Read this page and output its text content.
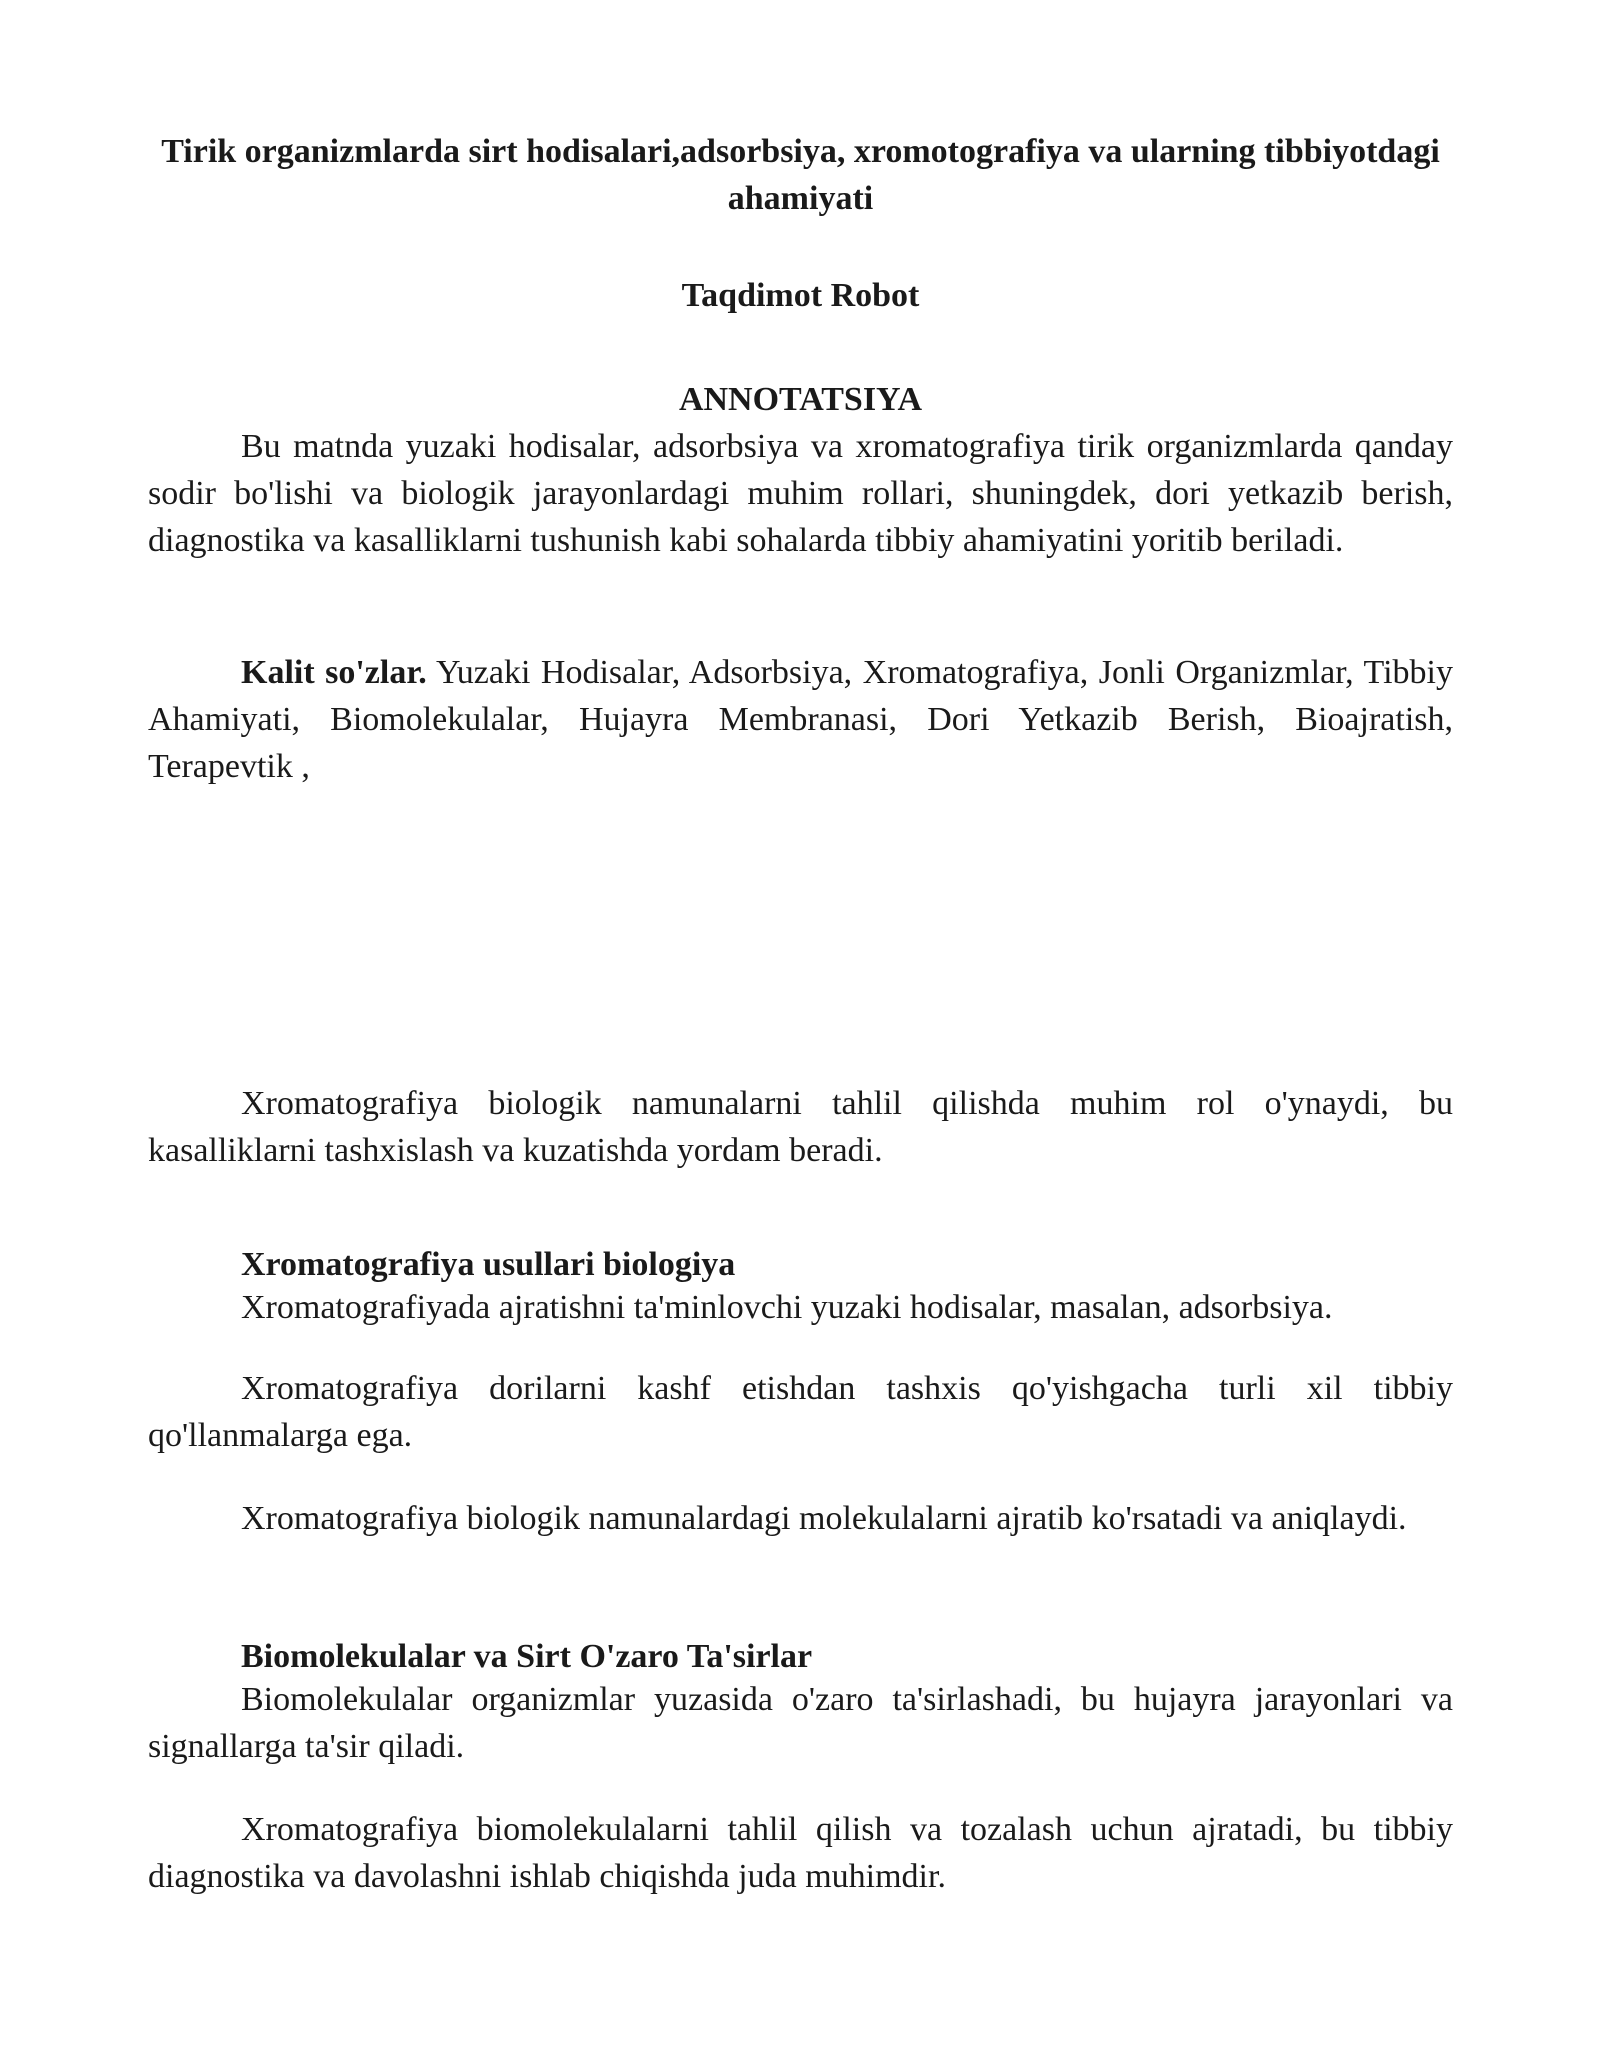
Tirik organizmlarda sirt hodisalari,adsorbsiya, xromotografiya va ularning tibbiyotdagi ahamiyati
Taqdimot Robot
ANNOTATSIYA

Bu matnda yuzaki hodisalar, adsorbsiya va xromatografiya tirik organizmlarda qanday sodir bo'lishi va biologik jarayonlardagi muhim rollari, shuningdek, dori yetkazib berish, diagnostika va kasalliklarni tushunish kabi sohalarda tibbiy ahamiyatini yoritib beriladi.

Kalit so'zlar. Yuzaki Hodisalar, Adsorbsiya, Xromatografiya, Jonli Organizmlar, Tibbiy Ahamiyati, Biomolekulalar, Hujayra Membranasi, Dori Yetkazib Berish, Bioajratish, Terapevtik ,

Xromatografiya biologik namunalarni tahlil qilishda muhim rol o'ynaydi, bu kasalliklarni tashxislash va kuzatishda yordam beradi.

Xromatografiya usullari biologiya

Xromatografiyada ajratishni ta'minlovchi yuzaki hodisalar, masalan, adsorbsiya.

Xromatografiya dorilarni kashf etishdan tashxis qo'yishgacha turli xil tibbiy qo'llanmalarga ega.

Xromatografiya biologik namunalardagi molekulalarni ajratib ko'rsatadi va aniqlaydi.

Biomolekulalar va Sirt O'zaro Ta'sirlar

Biomolekulalar organizmlar yuzasida o'zaro ta'sirlashadi, bu hujayra jarayonlari va signallarga ta'sir qiladi.

Xromatografiya biomolekulalarni tahlil qilish va tozalash uchun ajratadi, bu tibbiy diagnostika va davolashni ishlab chiqishda juda muhimdir.
